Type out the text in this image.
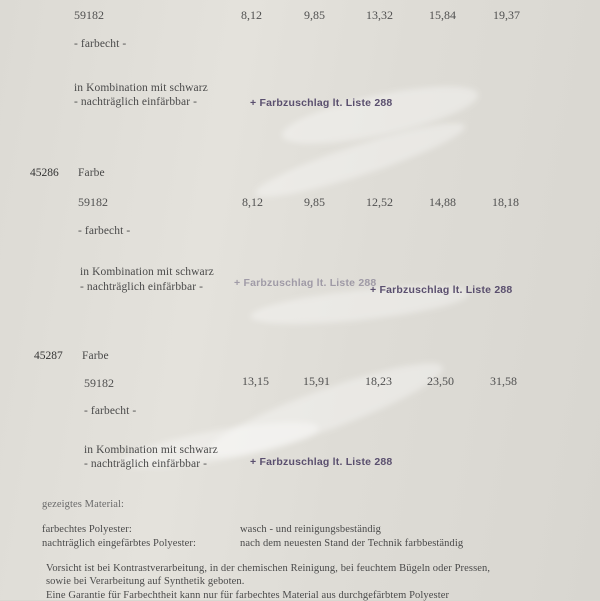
59182	8,12	9,85	13,32	15,84	19,37
- farbecht -
in Kombination mit schwarz
- nachträglich einfärbbar -	+ Farbzuschlag lt. Liste 288
45286 Farbe
59182	8,12	9,85	12,52	14,88	18,18
- farbecht -
in Kombination mit schwarz
- nachträglich einfärbbar -	+ Farbzuschlag lt. Liste 288
+ Farbzuschlag lt. Liste 288
45287 Farbe
59182	13,15	15,91	18,23	23,50	31,58
- farbecht -
in Kombination mit schwarz
- nachträglich einfärbbar -	+ Farbzuschlag lt. Liste 288
gezeigtes Material:
farbechtes Polyester:	wasch - und reinigungsbeständig
nachträglich eingefärbtes Polyester:	nach dem neuesten Stand der Technik farbbeständig
Vorsicht ist bei Kontrastverarbeitung, in der chemischen Reinigung, bei feuchtem Bügeln oder Pressen,
sowie bei Verarbeitung auf Synthetik geboten.
Eine Garantie für Farbechtheit kann nur für farbechtes Material aus durchgefärbtem Polyester
